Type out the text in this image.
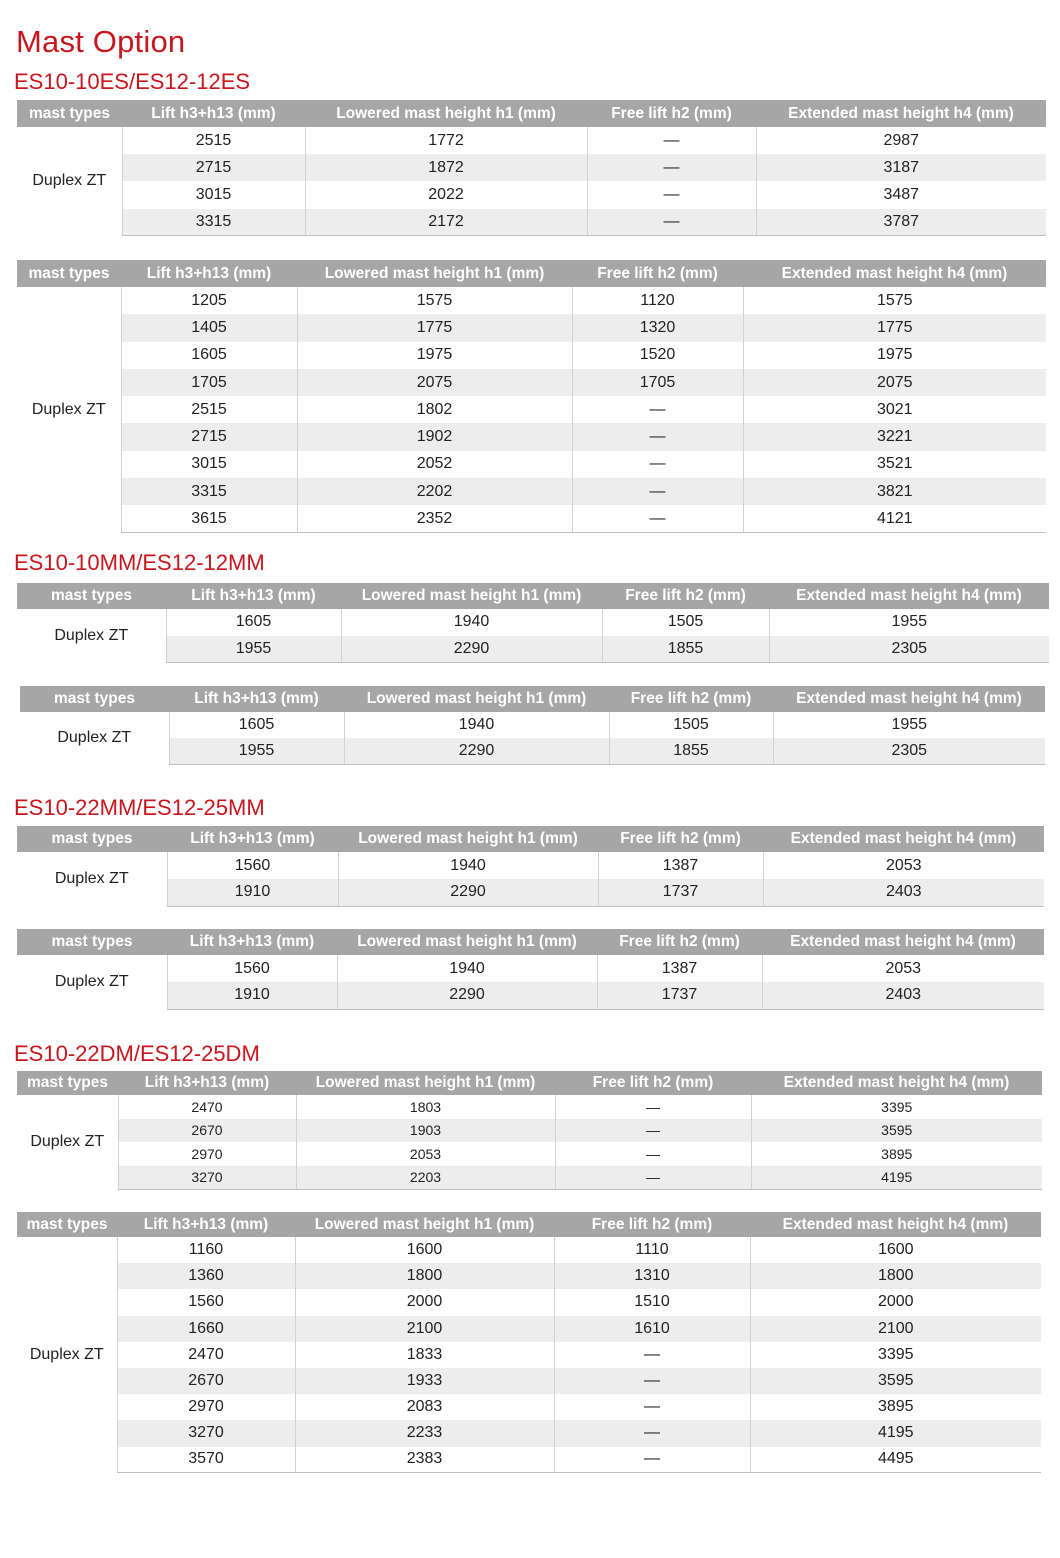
Mast Option
ES10-10ES/ES12-12ES
ES10-10MM/ES12-12MM
ES10-22MM/ES12-25MM
ES10-22DM/ES12-25DM
mast types	Lift h3+h13 (mm)	Lowered mast height h1 (mm)	Free lift h2 (mm)	Extended mast height h4 (mm)
Duplex ZT	2515	1772	—	2987
	2715	1872	—	3187
	3015	2022	—	3487
	3315	2172	—	3787
mast types	Lift h3+h13 (mm)	Lowered mast height h1 (mm)	Free lift h2 (mm)	Extended mast height h4 (mm)
Duplex ZT	1205	1575	1120	1575
	1405	1775	1320	1775
	1605	1975	1520	1975
	1705	2075	1705	2075
	2515	1802	—	3021
	2715	1902	—	3221
	3015	2052	—	3521
	3315	2202	—	3821
	3615	2352	—	4121
mast types	Lift h3+h13 (mm)	Lowered mast height h1 (mm)	Free lift h2 (mm)	Extended mast height h4 (mm)
Duplex ZT	1605	1940	1505	1955
	1955	2290	1855	2305
mast types	Lift h3+h13 (mm)	Lowered mast height h1 (mm)	Free lift h2 (mm)	Extended mast height h4 (mm)
Duplex ZT	1605	1940	1505	1955
	1955	2290	1855	2305
mast types	Lift h3+h13 (mm)	Lowered mast height h1 (mm)	Free lift h2 (mm)	Extended mast height h4 (mm)
Duplex ZT	1560	1940	1387	2053
	1910	2290	1737	2403
mast types	Lift h3+h13 (mm)	Lowered mast height h1 (mm)	Free lift h2 (mm)	Extended mast height h4 (mm)
Duplex ZT	1560	1940	1387	2053
	1910	2290	1737	2403
mast types	Lift h3+h13 (mm)	Lowered mast height h1 (mm)	Free lift h2 (mm)	Extended mast height h4 (mm)
Duplex ZT	2470	1803	—	3395
	2670	1903	—	3595
	2970	2053	—	3895
	3270	2203	—	4195
mast types	Lift h3+h13 (mm)	Lowered mast height h1 (mm)	Free lift h2 (mm)	Extended mast height h4 (mm)
Duplex ZT	1160	1600	1110	1600
	1360	1800	1310	1800
	1560	2000	1510	2000
	1660	2100	1610	2100
	2470	1833	—	3395
	2670	1933	—	3595
	2970	2083	—	3895
	3270	2233	—	4195
	3570	2383	—	4495
